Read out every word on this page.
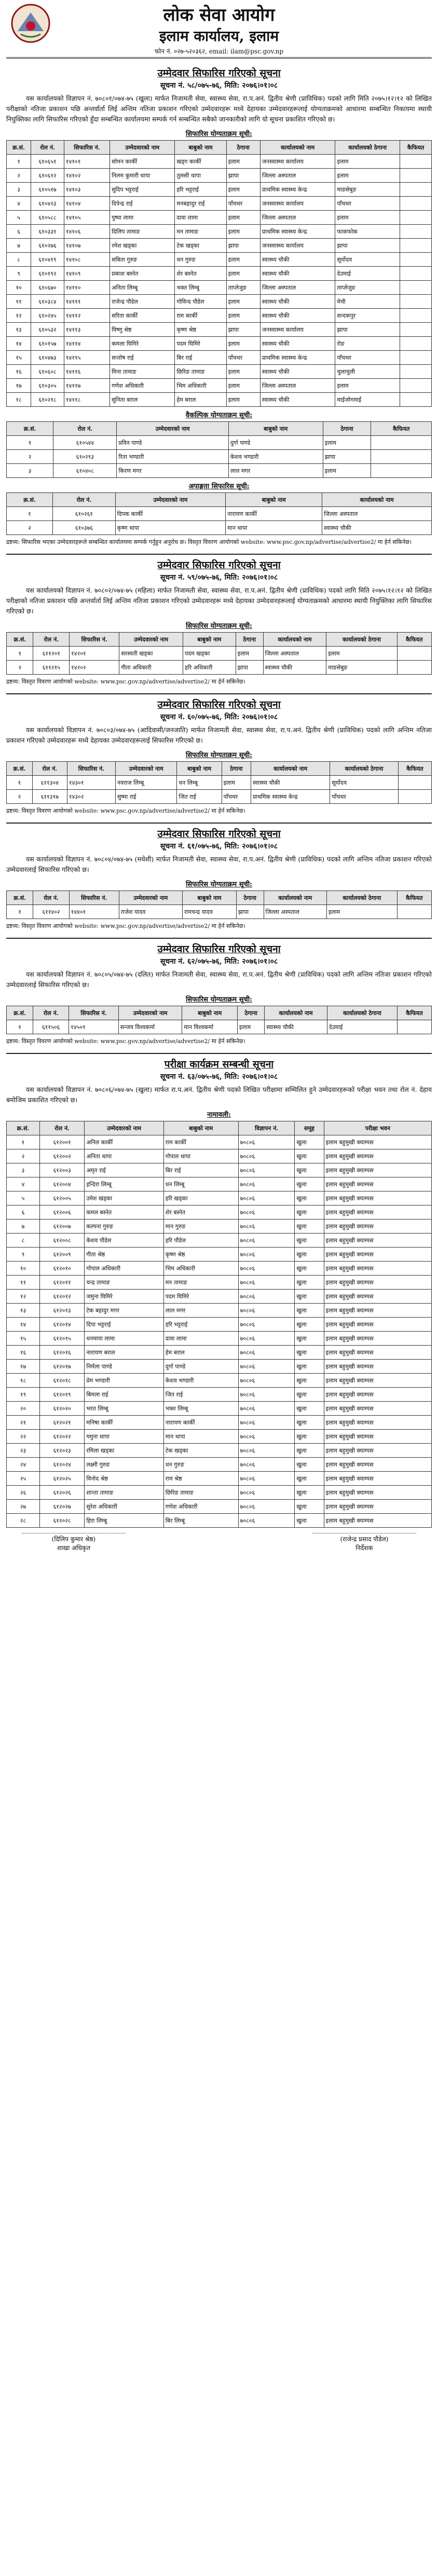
लोक सेवा आयोग
इलाम कार्यालय, इलाम
फोन नं. ०२७-५२०३६२, email: ilam@psc.gov.np
उम्मेदवार सिफारिस गरिएको सूचना
सूचना नं. ५८/०७५-७६, मिति: २०७६।०१।०८

यस कार्यालयको विज्ञापन नं. ७०८०१/०७४-७५ (खुला) मार्फत निजामती सेवा, स्वास्थ्य सेवा, रा.प.अनं. द्वितीय श्रेणी (प्राविधिक) पदको लागि मिति २०७५।१२।१२ को लिखित परीक्षाको नतिजा प्रकाशन पछि अन्तर्वार्ता लिई अन्तिम नतिजा प्रकाशन गरिएको उम्मेदवारहरू मध्ये देहायका उम्मेदवारहरूलाई योग्यताक्रमको आधारमा सम्बन्धित निकायमा स्थायी नियुक्तिका लागि सिफारिस गरिएको हुँदा सम्बन्धित कार्यालयमा सम्पर्क गर्न सम्बन्धित सबैको जानकारीको लागि यो सूचना प्रकाशित गरिएको छ।

सिफारिस योग्यताक्रम सूची:
क्र.सं.	रोल नं.	सिफारिस नं.	उम्मेदवारको नाम	बाबुको नाम	ठेगाना	कार्यालयको नाम	कार्यालयको ठेगाना	कैफियत
१	६१०६५१	१४१०१	सोमन कार्की	खड्ग कार्की	इलाम	जनस्वास्थ्य कार्यालय	इलाम	
२	६१०६१२	१४१०२	निलम कुमारी थापा	तुलसी थापा	झापा	जिल्ला अस्पताल	इलाम	
३	६१०५१७	१४१०३	सुदिप भट्टराई	हरि भट्टराई	इलाम	प्राथमिक स्वास्थ्य केन्द्र	माङसेबुङ	
४	६१०४२३	१४१०४	दिपेन्द्र राई	मनबहादुर राई	पाँचथर	जनस्वास्थ्य कार्यालय	पाँचथर	
५	६१०५८८	१४१०५	पुष्पा लामा	दावा लामा	इलाम	जिल्ला अस्पताल	इलाम	
६	६१०३३१	१४१०६	दिलिप तामाङ	मन तामाङ	इलाम	प्राथमिक स्वास्थ्य केन्द्र	फाकफोक	
७	६१०२७६	१४१०७	रमेश खड्का	टेक खड्का	झापा	जनस्वास्थ्य कार्यालय	झापा	
८	६१०४१९	१४१०८	सबिता गुरुङ	धन गुरुङ	इलाम	स्वास्थ्य चौकी	सूर्योदय	
९	६१०१९२	१४१०९	प्रकाश बस्नेत	शेर बस्नेत	इलाम	स्वास्थ्य चौकी	देउमाई	
१०	६१०६७०	१४११०	अनिता लिम्बू	भक्त लिम्बू	ताप्लेजुङ	जिल्ला अस्पताल	ताप्लेजुङ	
११	६१०३८४	१४१११	राजेन्द्र पौडेल	गोविन्द पौडेल	इलाम	स्वास्थ्य चौकी	मेची	
१२	६१०२४५	१४११२	सरिता कार्की	राम कार्की	इलाम	स्वास्थ्य चौकी	सन्दकपुर	
१३	६१०५३२	१४११३	विष्णु श्रेष्ठ	कृष्ण श्रेष्ठ	झापा	जनस्वास्थ्य कार्यालय	झापा	
१४	६१०१५७	१४११४	कमला घिमिरे	पदम घिमिरे	इलाम	स्वास्थ्य चौकी	रोङ	
१५	६१०४७३	१४११५	सन्तोष राई	बिर राई	पाँचथर	प्राथमिक स्वास्थ्य केन्द्र	पाँचथर	
१६	६१०६०८	१४११६	मिना तामाङ	छिरिङ तामाङ	इलाम	स्वास्थ्य चौकी	चुलाचुली	
१७	६१०३०५	१४११७	गणेश अधिकारी	भिम अधिकारी	इलाम	जिल्ला अस्पताल	इलाम	
१८	६१०२१८	१४११८	सुनिता बराल	हेम बराल	इलाम	स्वास्थ्य चौकी	माईजोगमाई	
वैकल्पिक योग्यताक्रम सूची:
क्र.सं.	रोल नं.	उम्मेदवारको नाम	बाबुको नाम	ठेगाना	कैफियत
१	६१०५४४	प्रविन पाण्डे	दुर्गा पाण्डे	इलाम	
२	६१०२९३	रिता भण्डारी	केशव भण्डारी	झापा	
३	६१०४०८	किरण मगर	लाल मगर	इलाम	
अपाङ्गता सिफारिस सूची:
क्र.सं.	रोल नं.	उम्मेदवारको नाम	बाबुको नाम	कार्यालयको नाम
१	६१०२६१	दिपक कार्की	नारायण कार्की	जिल्ला अस्पताल
२	६१०३७६	कृष्ण थापा	मान थापा	स्वास्थ्य चौकी
द्रष्टव्य: सिफारिस भएका उम्मेदवारहरूले सम्बन्धित कार्यालयमा सम्पर्क गर्नुहुन अनुरोध छ। विस्तृत विवरण आयोगको website: www.psc.gov.np/advertise/advertise2/ मा हेर्न सकिनेछ।
उम्मेदवार सिफारिस गरिएको सूचना
सूचना नं. ५९/०७५-७६, मिति: २०७६।०१।०८

यस कार्यालयको विज्ञापन नं. ७०८०२/०७४-७५ (महिला) मार्फत निजामती सेवा, स्वास्थ्य सेवा, रा.प.अनं. द्वितीय श्रेणी (प्राविधिक) पदको लागि मिति २०७५।१२।१२ को लिखित परीक्षाको नतिजा प्रकाशन पछि अन्तर्वार्ता लिई अन्तिम नतिजा प्रकाशन गरिएको उम्मेदवारहरू मध्ये देहायका उम्मेदवारहरूलाई योग्यताक्रमको आधारमा स्थायी नियुक्तिका लागि सिफारिस गरिएको छ।

सिफारिस योग्यताक्रम सूची:
क्र.सं.	रोल नं.	सिफारिस नं.	उम्मेदवारको नाम	बाबुको नाम	ठेगाना	कार्यालयको नाम	कार्यालयको ठेगाना	कैफियत
१	६११२०१	१४२०१	सरस्वती खड्का	पदम खड्का	इलाम	जिल्ला अस्पताल	इलाम	
२	६११२१५	१४२०२	गीता अधिकारी	हरि अधिकारी	झापा	स्वास्थ्य चौकी	माङसेबुङ	
द्रष्टव्य: विस्तृत विवरण आयोगको website: www.psc.gov.np/advertise/advertise2/ मा हेर्न सकिनेछ।
उम्मेदवार सिफारिस गरिएको सूचना
सूचना नं. ६०/०७५-७६, मिति: २०७६।०१।०८

यस कार्यालयको विज्ञापन नं. ७०८०३/०७४-७५ (आदिवासी/जनजाति) मार्फत निजामती सेवा, स्वास्थ्य सेवा, रा.प.अनं. द्वितीय श्रेणी (प्राविधिक) पदको लागि अन्तिम नतिजा प्रकाशन गरिएको उम्मेदवारहरू मध्ये देहायका उम्मेदवारहरूलाई सिफारिस गरिएको छ।

सिफारिस योग्यताक्रम सूची:
क्र.सं.	रोल नं.	सिफारिस नं.	उम्मेदवारको नाम	बाबुको नाम	ठेगाना	कार्यालयको नाम	कार्यालयको ठेगाना	कैफियत
१	६११३०४	१४३०१	नवराज लिम्बू	धन लिम्बू	इलाम	स्वास्थ्य चौकी	सूर्योदय	
२	६११३१७	१४३०२	सुष्मा राई	जित राई	पाँचथर	प्राथमिक स्वास्थ्य केन्द्र	पाँचथर	
द्रष्टव्य: विस्तृत विवरण आयोगको website: www.psc.gov.np/advertise/advertise2/ मा हेर्न सकिनेछ।
उम्मेदवार सिफारिस गरिएको सूचना
सूचना नं. ६१/०७५-७६, मिति: २०७६।०१।०८

यस कार्यालयको विज्ञापन नं. ७०८०४/०७४-७५ (मधेशी) मार्फत निजामती सेवा, स्वास्थ्य सेवा, रा.प.अनं. द्वितीय श्रेणी (प्राविधिक) पदको लागि अन्तिम नतिजा प्रकाशन गरिएको उम्मेदवारलाई सिफारिस गरिएको छ।

सिफारिस योग्यताक्रम सूची:
क्र.सं.	रोल नं.	सिफारिस नं.	उम्मेदवारको नाम	बाबुको नाम	ठेगाना	कार्यालयको नाम	कार्यालयको ठेगाना	कैफियत
१	६११४०२	१४४०१	राजेश यादव	रामचन्द्र यादव	झापा	जिल्ला अस्पताल	इलाम	
द्रष्टव्य: विस्तृत विवरण आयोगको website: www.psc.gov.np/advertise/advertise2/ मा हेर्न सकिनेछ।
उम्मेदवार सिफारिस गरिएको सूचना
सूचना नं. ६२/०७५-७६, मिति: २०७६।०१।०८

यस कार्यालयको विज्ञापन नं. ७०८०५/०७४-७५ (दलित) मार्फत निजामती सेवा, स्वास्थ्य सेवा, रा.प.अनं. द्वितीय श्रेणी (प्राविधिक) पदको लागि अन्तिम नतिजा प्रकाशन गरिएको उम्मेदवारलाई सिफारिस गरिएको छ।

सिफारिस योग्यताक्रम सूची:
क्र.सं.	रोल नं.	सिफारिस नं.	उम्मेदवारको नाम	बाबुको नाम	ठेगाना	कार्यालयको नाम	कार्यालयको ठेगाना	कैफियत
१	६११५०६	१४५०१	सन्जय विश्वकर्मा	मान विश्वकर्मा	इलाम	स्वास्थ्य चौकी	देउमाई	
द्रष्टव्य: विस्तृत विवरण आयोगको website: www.psc.gov.np/advertise/advertise2/ मा हेर्न सकिनेछ।
परीक्षा कार्यक्रम सम्बन्धी सूचना
सूचना नं. ६३/०७५-७६, मिति: २०७६।०१।०८

यस कार्यालयको विज्ञापन नं. ७०८०६/०७४-७५ (खुला) मार्फत रा.प.अनं. द्वितीय श्रेणी पदको लिखित परीक्षामा सम्मिलित हुने उम्मेदवारहरूको परीक्षा भवन तथा रोल नं. देहाय बमोजिम प्रकाशित गरिएको छ।

नामावली:
क्र.सं.	रोल नं.	उम्मेदवारको नाम	बाबुको नाम	विज्ञापन नं.	समूह	परीक्षा भवन
१	६१२००१	अनिल कार्की	राम कार्की	७०८०६	खुला	इलाम बहुमुखी क्याम्पस
२	६१२००२	अनिता थापा	गोपाल थापा	७०८०६	खुला	इलाम बहुमुखी क्याम्पस
३	६१२००३	अमृत राई	बिर राई	७०८०६	खुला	इलाम बहुमुखी क्याम्पस
४	६१२००४	इन्दिरा लिम्बू	धन लिम्बू	७०८०६	खुला	इलाम बहुमुखी क्याम्पस
५	६१२००५	उमेश खड्का	हरि खड्का	७०८०६	खुला	इलाम बहुमुखी क्याम्पस
६	६१२००६	कमल बस्नेत	शेर बस्नेत	७०८०६	खुला	इलाम बहुमुखी क्याम्पस
७	६१२००७	कल्पना गुरुङ	मान गुरुङ	७०८०६	खुला	इलाम बहुमुखी क्याम्पस
८	६१२००८	केशव पौडेल	हरि पौडेल	७०८०६	खुला	इलाम बहुमुखी क्याम्पस
९	६१२००९	गीता श्रेष्ठ	कृष्ण श्रेष्ठ	७०८०६	खुला	इलाम बहुमुखी क्याम्पस
१०	६१२०१०	गोपाल अधिकारी	भिम अधिकारी	७०८०६	खुला	इलाम बहुमुखी क्याम्पस
११	६१२०११	चन्द्र तामाङ	मन तामाङ	७०८०६	खुला	इलाम बहुमुखी क्याम्पस
१२	६१२०१२	जमुना घिमिरे	पदम घिमिरे	७०८०६	खुला	इलाम बहुमुखी क्याम्पस
१३	६१२०१३	टेक बहादुर मगर	लाल मगर	७०८०६	खुला	इलाम बहुमुखी क्याम्पस
१४	६१२०१४	दिपा भट्टराई	हरि भट्टराई	७०८०६	खुला	इलाम बहुमुखी क्याम्पस
१५	६१२०१५	धनमाया लामा	दावा लामा	७०८०६	खुला	इलाम बहुमुखी क्याम्पस
१६	६१२०१६	नारायण बराल	हेम बराल	७०८०६	खुला	इलाम बहुमुखी क्याम्पस
१७	६१२०१७	निर्मला पाण्डे	दुर्गा पाण्डे	७०८०६	खुला	इलाम बहुमुखी क्याम्पस
१८	६१२०१८	प्रेम भण्डारी	केशव भण्डारी	७०८०६	खुला	इलाम बहुमुखी क्याम्पस
१९	६१२०१९	बिमला राई	जित राई	७०८०६	खुला	इलाम बहुमुखी क्याम्पस
२०	६१२०२०	भरत लिम्बू	भक्त लिम्बू	७०८०६	खुला	इलाम बहुमुखी क्याम्पस
२१	६१२०२१	मनिषा कार्की	नारायण कार्की	७०८०६	खुला	इलाम बहुमुखी क्याम्पस
२२	६१२०२२	यमुना थापा	मान थापा	७०८०६	खुला	इलाम बहुमुखी क्याम्पस
२३	६१२०२३	रमिला खड्का	टेक खड्का	७०८०६	खुला	इलाम बहुमुखी क्याम्पस
२४	६१२०२४	लक्ष्मी गुरुङ	धन गुरुङ	७०८०६	खुला	इलाम बहुमुखी क्याम्पस
२५	६१२०२५	विनोद श्रेष्ठ	राम श्रेष्ठ	७०८०६	खुला	इलाम बहुमुखी क्याम्पस
२६	६१२०२६	शान्ता तामाङ	छिरिङ तामाङ	७०८०६	खुला	इलाम बहुमुखी क्याम्पस
२७	६१२०२७	सुरेश अधिकारी	गणेश अधिकारी	७०८०६	खुला	इलाम बहुमुखी क्याम्पस
२८	६१२०२८	हिरा लिम्बू	बिर लिम्बू	७०८०६	खुला	इलाम बहुमुखी क्याम्पस
(दिलिप कुमार श्रेष्ठ)
शाखा अधिकृत
(राजेन्द्र प्रसाद पौडेल)
निर्देशक
